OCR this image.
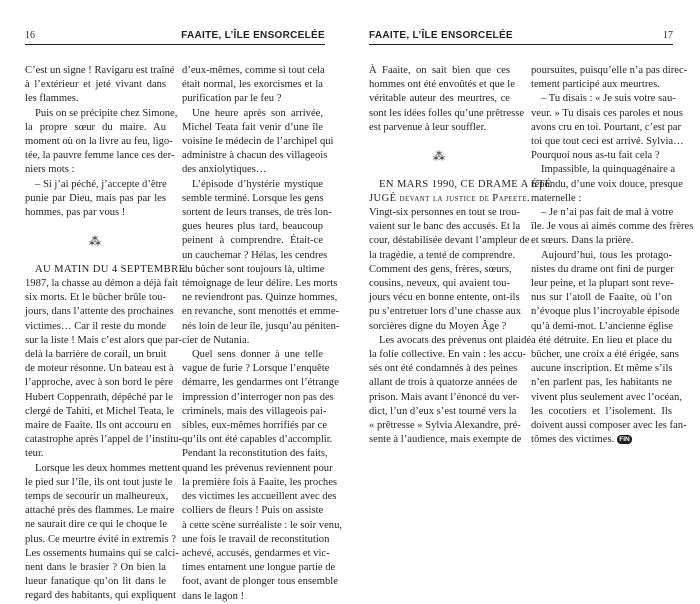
16	FAAITE, L’ÎLE ENSORCELÉE
C’est un signe ! Ravigaru est traîné
à l’extérieur et jeté vivant dans
les flammes.
Puis on se précipite chez Simone,
la propre sœur du maire. Au
moment où on la livre au feu, ligo-
tée, la pauvre femme lance ces der-
niers mots :
– Si j’ai péché, j’accepte d’être
punie par Dieu, mais pas par les
hommes, pas par vous !
⁂
AU MATIN DU 4 SEPTEMBRE
1987, la chasse au démon a déjà fait
six morts. Et le bûcher brûle tou-
jours, dans l’attente des prochaines
victimes… Car il reste du monde
sur la liste ! Mais c’est alors que par-
delà la barrière de corail, un bruit
de moteur résonne. Un bateau est à
l’approche, avec à son bord le père
Hubert Coppenrath, dépêché par le
clergé de Tahiti, et Michel Teata, le
maire de Faaite. Ils ont accouru en
catastrophe après l’appel de l’institu-
teur.
Lorsque les deux hommes mettent
le pied sur l’île, ils ont tout juste le
temps de secourir un malheureux,
attaché près des flammes. Le maire
ne saurait dire ce qui le choque le
plus. Ce meurtre évité in extremis ?
Les ossements humains qui se calci-
nent dans le brasier ? On bien la
lueur fanatique qu’on lit dans le
regard des habitants, qui expliquent
d’eux-mêmes, comme si tout cela
était normal, les exorcismes et la
purification par le feu ?
Une heure après son arrivée,
Michel Teata fait venir d’une île
voisine le médecin de l’archipel qui
administre à chacun des villageois
des anxiolytiques…
L’épisode d’hystérie mystique
semble terminé. Lorsque les gens
sortent de leurs transes, de très lon-
gues heures plus tard, beaucoup
peinent à comprendre. Était-ce
un cauchemar ? Hélas, les cendres
du bûcher sont toujours là, ultime
témoignage de leur délire. Les morts
ne reviendront pas. Quinze hommes,
en revanche, sont menottés et emme-
nés loin de leur île, jusqu’au péniten-
cier de Nutania.
Quel sens donner à une telle
vague de furie ? Lorsque l’enquête
démarre, les gendarmes ont l’étrange
impression d’interroger non pas des
criminels, mais des villageois pai-
sibles, eux-mêmes horrifiés par ce
qu’ils ont été capables d’accomplir.
Pendant la reconstitution des faits,
quand les prévenus reviennent pour
la première fois à Faaite, les proches
des victimes les accueillent avec des
colliers de fleurs ! Puis on assiste
à cette scène surréaliste : le soir venu,
une fois le travail de reconstitution
achevé, accusés, gendarmes et vic-
times entament une longue partie de
foot, avant de plonger tous ensemble
dans le lagon !
FAAITE, L’ÎLE ENSORCELÉE	17
À Faaite, on sait bien que ces
hommes ont été envoûtés et que le
véritable auteur des meurtres, ce
sont les idées folles qu’une prêtresse
est parvenue à leur souffler.
⁂
EN MARS 1990, CE DRAME A ÉTÉ
JUGÉ devant la justice de Papeete.
Vingt-six personnes en tout se trou-
vaient sur le banc des accusés. Et la
cour, déstabilisée devant l’ampleur de
la tragédie, a tenté de comprendre.
Comment des gens, frères, sœurs,
cousins, neveux, qui avaient tou-
jours vécu en bonne entente, ont-ils
pu s’entretuer lors d’une chasse aux
sorcières digne du Moyen Âge ?
Les avocats des prévenus ont plaidé
la folie collective. En vain : les accu-
sés ont été condamnés à des peines
allant de trois à quatorze années de
prison. Mais avant l’énoncé du ver-
dict, l’un d’eux s’est tourné vers la
« prêtresse » Sylvia Alexandre, pré-
sente à l’audience, mais exempte de
poursuites, puisqu’elle n’a pas direc-
tement participé aux meurtres.
– Tu disais : « Je suis votre sau-
veur. » Tu disais ces paroles et nous
avons cru en toi. Pourtant, c’est par
toi que tout ceci est arrivé. Sylvia…
Pourquoi nous as-tu fait cela ?
Impassible, la quinquagénaire a
répondu, d’une voix douce, presque
maternelle :
– Je n’ai pas fait de mal à votre
île. Je vous ai aimés comme des frères
et sœurs. Dans la prière.
Aujourd’hui, tous les protago-
nistes du drame ont fini de purger
leur peine, et la plupart sont reve-
nus sur l’atoll de Faaite, où l’on
n’évoque plus l’incroyable épisode
qu’à demi-mot. L’ancienne église
a été détruite. En lieu et place du
bûcher, une croix a été érigée, sans
aucune inscription. Et même s’ils
n’en parlent pas, les habitants ne
vivent plus seulement avec l’océan,
les cocotiers et l’isolement. Ils
doivent aussi composer avec les fan-
tômes des victimes. FIN
